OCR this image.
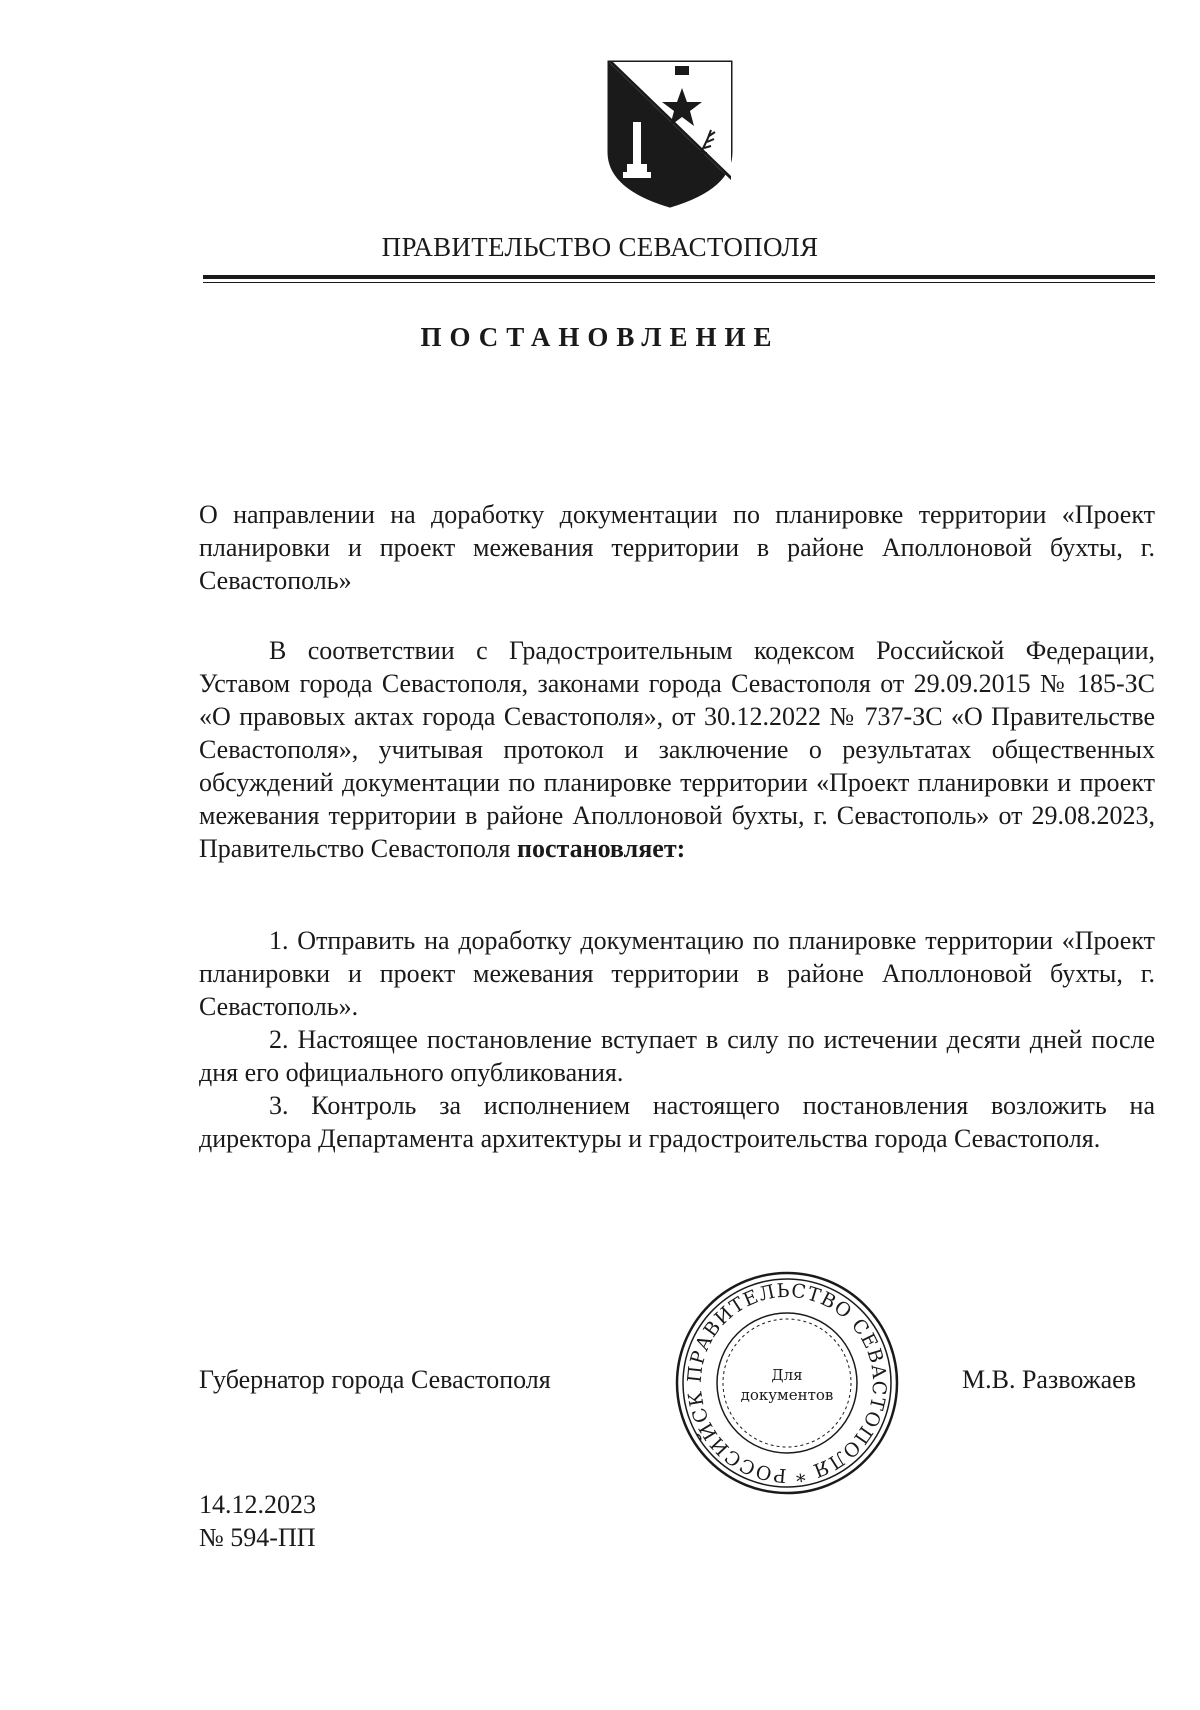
ПРАВИТЕЛЬСТВО СЕВАСТОПОЛЯ
ПОСТАНОВЛЕНИЕ
О направлении на доработку документации по планировке территории «Проект планировки и проект межевания территории в районе Аполлоновой бухты, г. Севастополь»
В соответствии с Градостроительным кодексом Российской Федерации, Уставом города Севастополя, законами города Севастополя от 29.09.2015 № 185-ЗС «О правовых актах города Севастополя», от 30.12.2022 № 737-ЗС «О Правительстве Севастополя», учитывая протокол и заключение о результатах общественных обсуждений документации по планировке территории «Проект планировки и проект межевания территории в районе Аполлоновой бухты, г. Севастополь» от 29.08.2023, Правительство Севастополя постановляет:

1. Отправить на доработку документацию по планировке территории «Проект планировки и проект межевания территории в районе Аполлоновой бухты, г. Севастополь».

2. Настоящее постановление вступает в силу по истечении десяти дней после дня его официального опубликования.

3. Контроль за исполнением настоящего постановления возложить на директора Департамента архитектуры и градостроительства города Севастополя.

Губернатор города Севастополя	ПРАВИТЕЛЬСТВО СЕВАСТОПОЛЯ * РОССИЙСК
Для
документов
М.В. Развожаев
14.12.2023
№ 594-ПП
